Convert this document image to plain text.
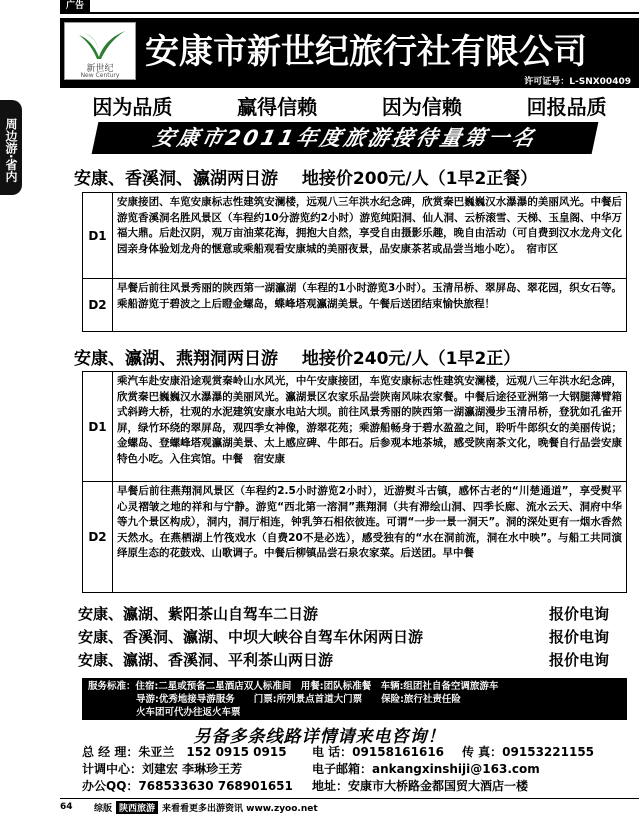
广告
周边游·省内
新世纪
New Century
安康市新世纪旅行社有限公司
许可证号：L-SNX00409
因为品质	赢得信赖	因为信赖	回报品质
安康市2011年度旅游接待量第一名
安康、香溪洞、瀛湖两日游 地接价200元/人（1早2正餐）
D1
安康接团、车览安康标志性建筑安澜楼，远观八三年洪水纪念碑，欣赏秦巴巍巍汉水瀑瀑的美丽风光。中餐后游览香溪洞名胜风景区（车程约10分游览约2小时）游览纯阳洞、仙人洞、云桥滚雪、天梯、玉皇阁、中华万福大鼎。后赴汉阴，观万亩油菜花海，拥抱大自然，享受自由摄影乐趣，晚自由活动（可自费到汉水龙舟文化园亲身体验划龙舟的惬意或乘船观看安康城的美丽夜景，品安康茶茗或品尝当地小吃）。　宿市区
D2
早餐后前往风景秀丽的陕西第一湖瀛湖（车程的1小时游览3小时）。玉清吊桥、翠屏岛、翠花园，织女石等。乘船游览于碧波之上后瞪金螺岛，蝶峰塔观瀛湖美景。午餐后送团结束愉快旅程！
安康、瀛湖、燕翔洞两日游 地接价240元/人（1早2正）
D1
乘汽车赴安康沿途观赏秦岭山水风光，中午安康接团，车览安康标志性建筑安澜楼，远观八三年洪水纪念碑，欣赏秦巴巍巍汉水瀑瀑的美丽风光。瀛湖景区农家乐品尝陕南风味农家餐。中餐后途径亚洲第一大钢腿薄臂箱式斜跨大桥，壮观的水泥建筑安康水电站大坝。前往风景秀丽的陕西第一湖瀛湖漫步玉清吊桥，登犹如孔雀开屏，绿竹环绕的翠屏岛，观四季女神像，游翠花苑；乘游船畅身于碧水盈盈之间，聆听牛郎织女的美丽传说；金螺岛、登螺峰塔观瀛湖美景、太上感应碑、牛郎石。后参观本地茶城，感受陕南茶文化，晚餐自行品尝安康特色小吃。入住宾馆。中餐　宿安康
D2
早餐后前往燕翔洞风景区（车程约2.5小时游览2小时），近游熨斗古镇，感怀古老的“川楚通道”，享受熨平心灵褶皱之地的祥和与宁静。游览“西北第一溶洞”燕翔洞（共有滞绘山洞、四季长廊、流水云天、洞府中华等九个景区构成），洞内，洞厅相连，钟乳笋石相依彼连。可谓“一步一景一洞天”。洞的深处更有一烟水香然天然水。在燕栖湖上竹筏戏水（自费20不是必选），感受独有的“水在洞前流，洞在水中映”。与船工共同演绎原生态的花鼓戏、山歌调子。中餐后柳镇品尝石泉农家菜。后送团。早中餐
安康、瀛湖、紫阳茶山自驾车二日游	报价电询
安康、香溪洞、瀛湖、中坝大峡谷自驾车休闲两日游	报价电询
安康、瀛湖、香溪洞、平利茶山两日游	报价电询
服务标准：住宿:二星或预备二星酒店双人标准间　用餐:团队标准餐　车辆:组团社自备空调旅游车
导游:优秀地接导游服务　　门票:所列景点首道大门票　　保险:旅行社责任险
火车团可代办往返火车票
另备多条线路详情请来电咨询！
总 经 理：朱亚兰　152 0915 0915	电 话：09158161616	传 真：09153221155
计调中心：刘建宏 李琳珍王芳	电子邮箱：ankangxinshiji@163.com
办公QQ：768533630 768901651	地址：安康市大桥路金都国贸大酒店一楼
64	综版 陕西旅游 来看看更多出游资讯 www.zyoo.net
